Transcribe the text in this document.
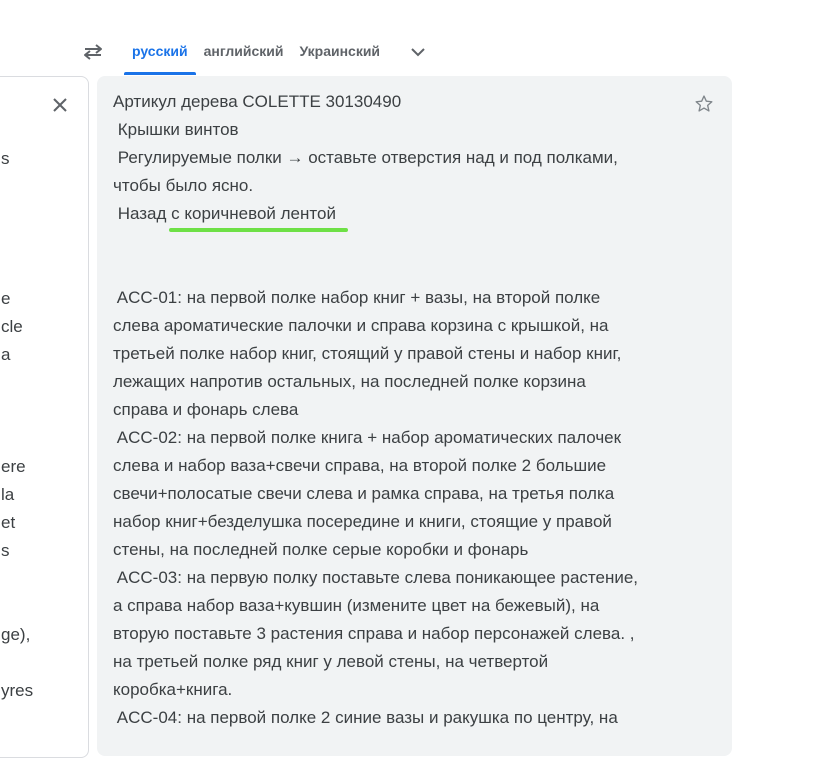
русский	английский	Украинский
s
e
cle
a
ere
la
et
s
ge),
yres
Артикул дерева COLETTE 30130490
Крышки винтов
Регулируемые полки → оставьте отверстия над и под полками,
чтобы было ясно.
Назад с коричневой лентой
ACC-01: на первой полке набор книг + вазы, на второй полке
слева ароматические палочки и справа корзина с крышкой, на
третьей полке набор книг, стоящий у правой стены и набор книг,
лежащих напротив остальных, на последней полке корзина
справа и фонарь слева
ACC-02: на первой полке книга + набор ароматических палочек
слева и набор ваза+свечи справа, на второй полке 2 большие
свечи+полосатые свечи слева и рамка справа, на третья полка
набор книг+безделушка посередине и книги, стоящие у правой
стены, на последней полке серые коробки и фонарь
ACC-03: на первую полку поставьте слева поникающее растение,
а справа набор ваза+кувшин (измените цвет на бежевый), на
вторую поставьте 3 растения справа и набор персонажей слева. ,
на третьей полке ряд книг у левой стены, на четвертой
коробка+книга.
ACC-04: на первой полке 2 синие вазы и ракушка по центру, на
